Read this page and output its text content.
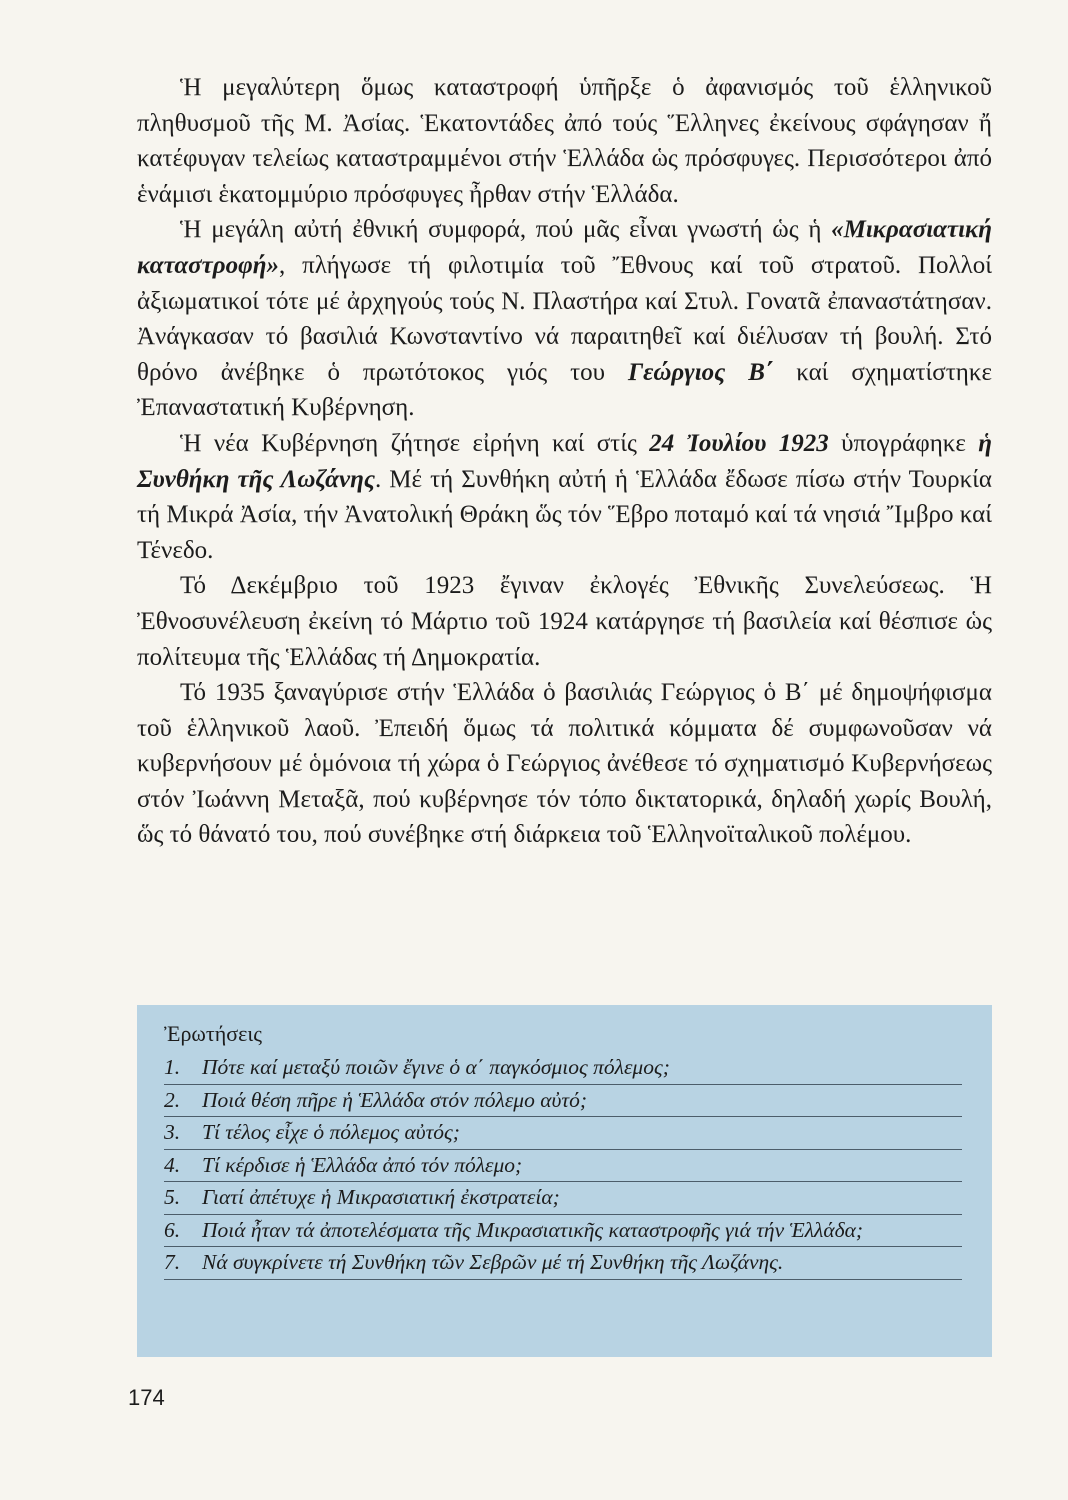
Ἡ μεγαλύτερη ὅμως καταστροφή ὑπῆρξε ὁ ἀφανισμός τοῦ ἑλληνικοῦ πληθυσμοῦ τῆς Μ. Ἀσίας. Ἑκατοντάδες ἀπό τούς Ἕλληνες ἐκείνους σφάγησαν ἤ κατέφυγαν τελείως καταστραμμένοι στήν Ἑλλάδα ὡς πρόσφυγες. Περισσότεροι ἀπό ἑνάμισι ἑκατομμύριο πρόσφυγες ἦρθαν στήν Ἑλλάδα.

Ἡ μεγάλη αὐτή ἐθνική συμφορά, πού μᾶς εἶναι γνωστή ὡς ἡ «Μικρασιατική καταστροφή», πλήγωσε τή φιλοτιμία τοῦ Ἔθνους καί τοῦ στρατοῦ. Πολλοί ἀξιωματικοί τότε μέ ἀρχηγούς τούς Ν. Πλαστήρα καί Στυλ. Γονατᾶ ἐπαναστάτησαν. Ἀνάγκασαν τό βασιλιά Κωνσταντίνο νά παραιτηθεῖ καί διέλυσαν τή βουλή. Στό θρόνο ἀνέβηκε ὁ πρωτότοκος γιός του Γεώργιος Β΄ καί σχηματίστηκε Ἐπαναστατική Κυβέρνηση.

Ἡ νέα Κυβέρνηση ζήτησε εἰρήνη καί στίς 24 Ἰουλίου 1923 ὑπογράφηκε ἡ Συνθήκη τῆς Λωζάνης. Μέ τή Συνθήκη αὐτή ἡ Ἑλλάδα ἔδωσε πίσω στήν Τουρκία τή Μικρά Ἀσία, τήν Ἀνατολική Θράκη ὥς τόν Ἕβρο ποταμό καί τά νησιά Ἴμβρο καί Τένεδο.

Τό Δεκέμβριο τοῦ 1923 ἔγιναν ἐκλογές Ἐθνικῆς Συνελεύσεως. Ἡ Ἐθνοσυνέλευση ἐκείνη τό Μάρτιο τοῦ 1924 κατάργησε τή βασιλεία καί θέσπισε ὡς πολίτευμα τῆς Ἑλλάδας τή Δημοκρατία.

Τό 1935 ξαναγύρισε στήν Ἑλλάδα ὁ βασιλιάς Γεώργιος ὁ Β΄ μέ δημοψήφισμα τοῦ ἑλληνικοῦ λαοῦ. Ἐπειδή ὅμως τά πολιτικά κόμματα δέ συμφωνοῦσαν νά κυβερνήσουν μέ ὁμόνοια τή χώρα ὁ Γεώργιος ἀνέθεσε τό σχηματισμό Κυβερνήσεως στόν Ἰωάννη Μεταξᾶ, πού κυβέρνησε τόν τόπο δικτατορικά, δηλαδή χωρίς Βουλή, ὥς τό θάνατό του, πού συνέβηκε στή διάρκεια τοῦ Ἑλληνοϊταλικοῦ πολέμου.

Ἐρωτήσεις
1. Πότε καί μεταξύ ποιῶν ἔγινε ὁ α΄ παγκόσμιος πόλεμος;
2. Ποιά θέση πῆρε ἡ Ἑλλάδα στόν πόλεμο αὐτό;
3. Τί τέλος εἶχε ὁ πόλεμος αὐτός;
4. Τί κέρδισε ἡ Ἑλλάδα ἀπό τόν πόλεμο;
5. Γιατί ἀπέτυχε ἡ Μικρασιατική ἐκστρατεία;
6. Ποιά ἦταν τά ἀποτελέσματα τῆς Μικρασιατικῆς καταστροφῆς γιά τήν Ἑλλάδα;
7. Νά συγκρίνετε τή Συνθήκη τῶν Σεβρῶν μέ τή Συνθήκη τῆς Λωζάνης.
174
